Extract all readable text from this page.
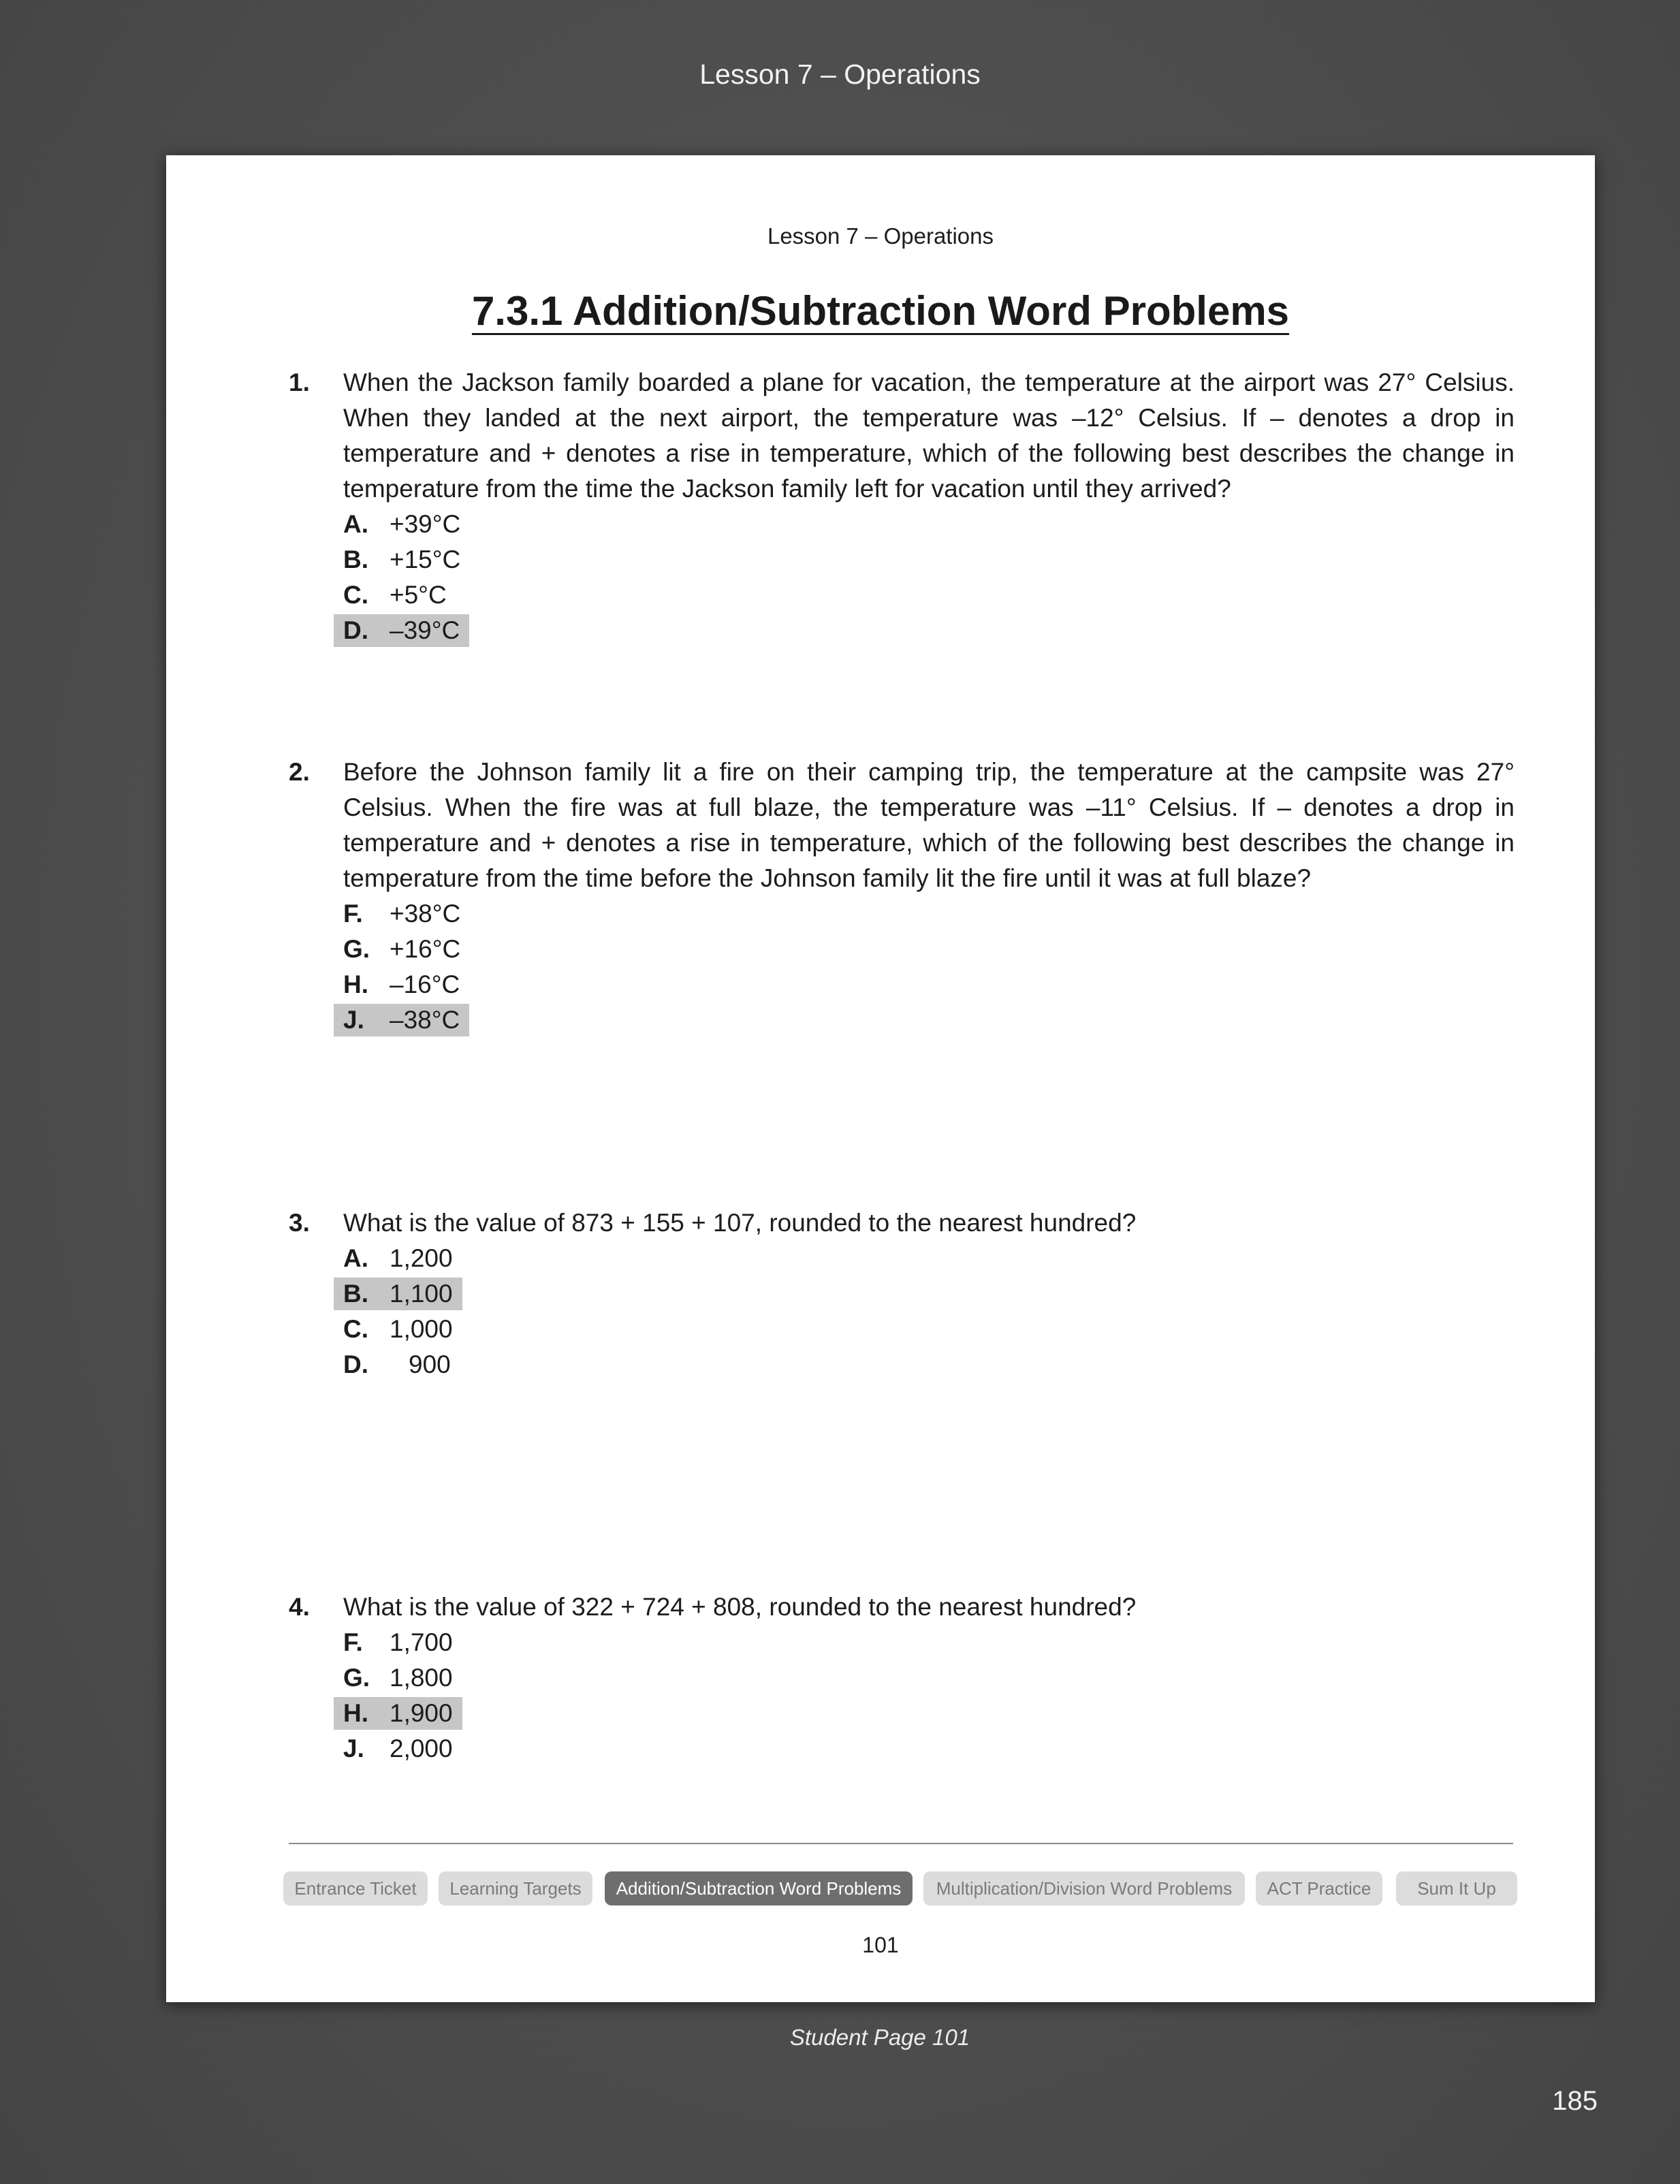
Lesson 7 – Operations
Lesson 7 – Operations
7.3.1 Addition/Subtraction Word Problems
1. When the Jackson family boarded a plane for vacation, the temperature at the airport was 27° Celsius. When they landed at the next airport, the temperature was –12° Celsius. If – denotes a drop in temperature and + denotes a rise in temperature, which of the following best describes the change in temperature from the time the Jackson family left for vacation until they arrived?
A. +39°C
B. +15°C
C. +5°C
D. –39°C
2. Before the Johnson family lit a fire on their camping trip, the temperature at the campsite was 27° Celsius. When the fire was at full blaze, the temperature was –11° Celsius. If – denotes a drop in temperature and + denotes a rise in temperature, which of the following best describes the change in temperature from the time before the Johnson family lit the fire until it was at full blaze?
F. +38°C
G. +16°C
H. –16°C
J. –38°C
3. What is the value of 873 + 155 + 107, rounded to the nearest hundred?
A. 1,200
B. 1,100
C. 1,000
D. 900
4. What is the value of 322 + 724 + 808, rounded to the nearest hundred?
F. 1,700
G. 1,800
H. 1,900
J. 2,000
Entrance Ticket	Learning Targets	Addition/Subtraction Word Problems	Multiplication/Division Word Problems	ACT Practice	Sum It Up
101
Student Page 101
185
